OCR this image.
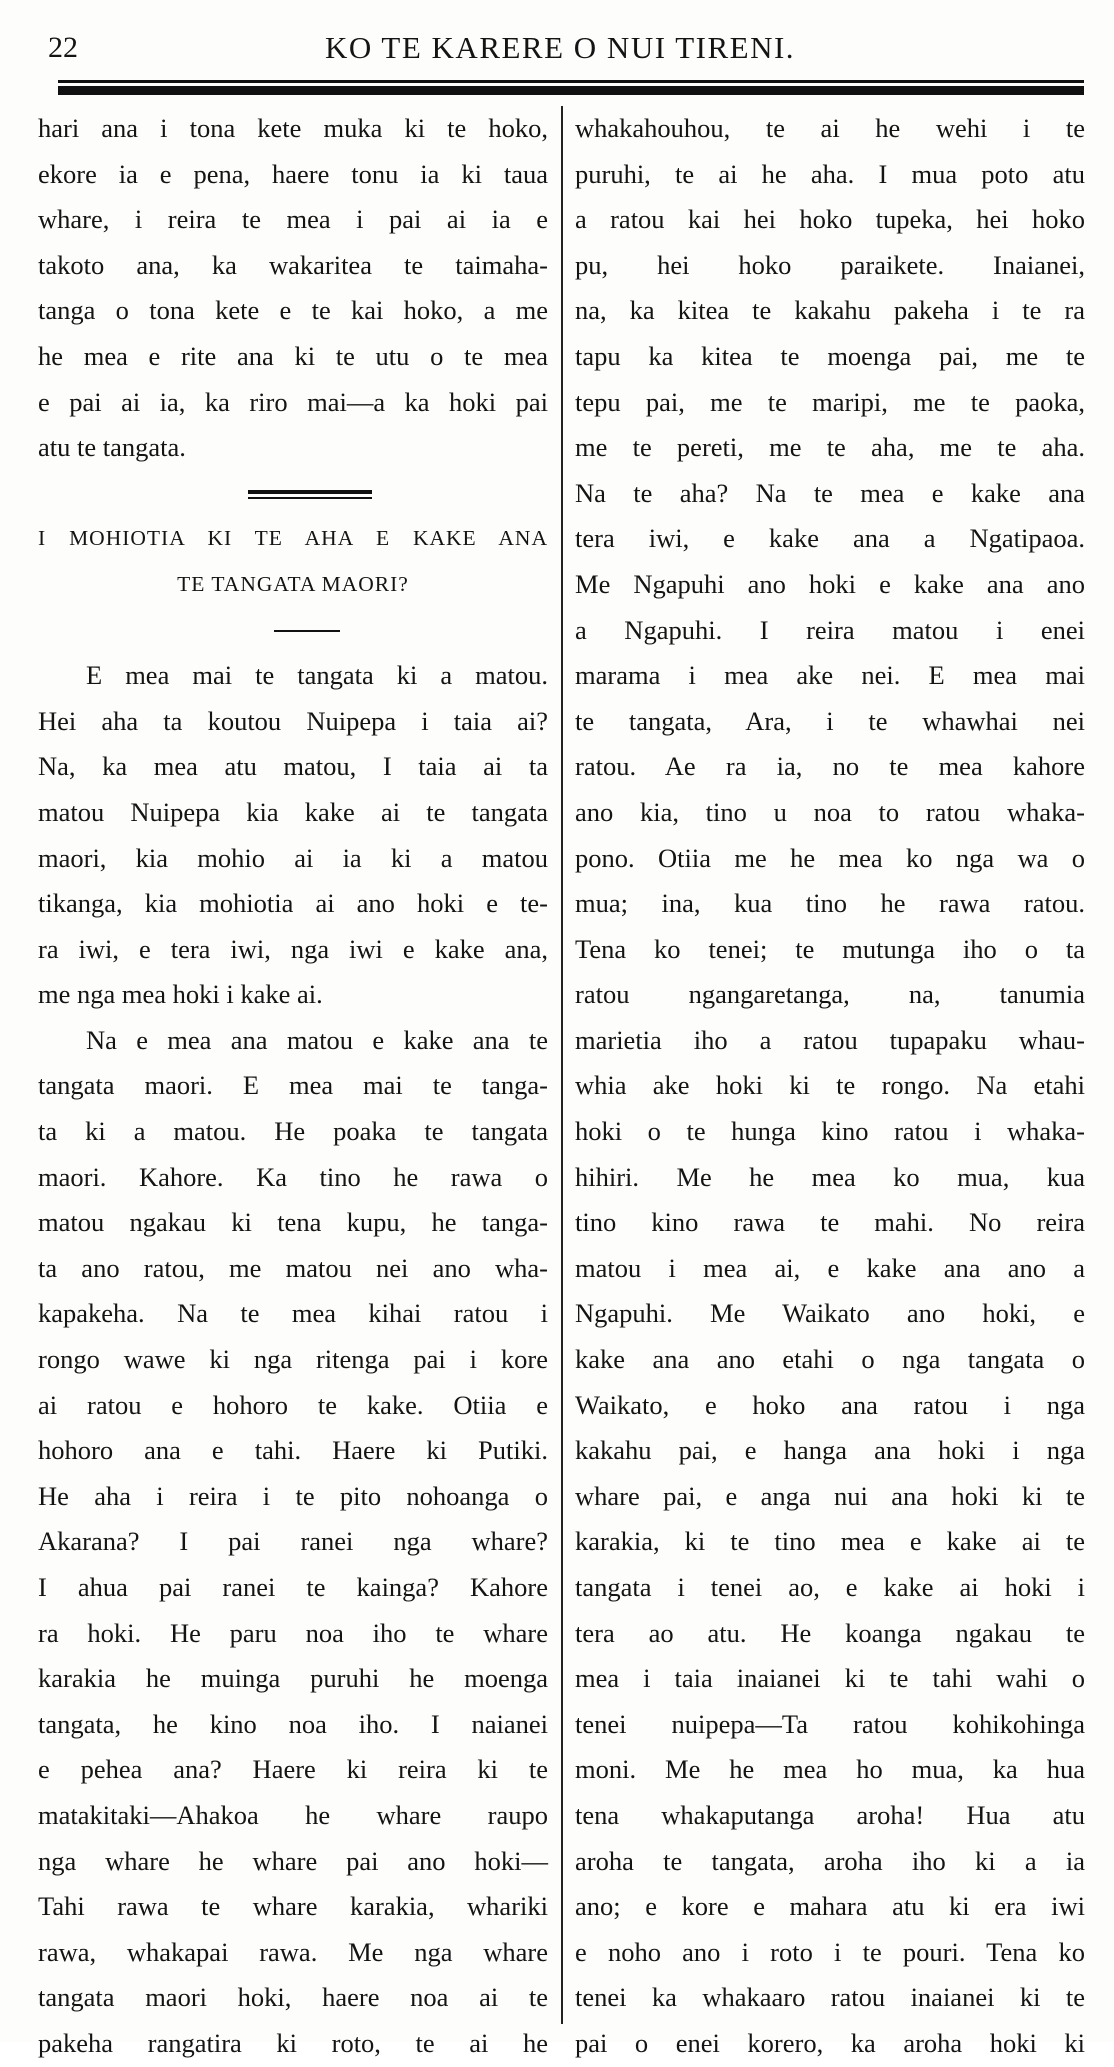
22	KO TE KARERE O NUI TIRENI.
hari ana i tona kete muka ki te hoko,
ekore ia e pena, haere tonu ia ki taua
whare, i reira te mea i pai ai ia e
takoto ana, ka wakaritea te taimaha-
tanga o tona kete e te kai hoko, a me
he mea e rite ana ki te utu o te mea
e pai ai ia, ka riro mai—a ka hoki pai
atu te tangata.
I MOHIOTIA KI TE AHA E KAKE ANA
TE TANGATA MAORI?
E mea mai te tangata ki a matou.
Hei aha ta koutou Nuipepa i taia ai?
Na, ka mea atu matou, I taia ai ta
matou Nuipepa kia kake ai te tangata
maori, kia mohio ai ia ki a matou
tikanga, kia mohiotia ai ano hoki e te-
ra iwi, e tera iwi, nga iwi e kake ana,
me nga mea hoki i kake ai.
Na e mea ana matou e kake ana te
tangata maori. E mea mai te tanga-
ta ki a matou. He poaka te tangata
maori. Kahore. Ka tino he rawa o
matou ngakau ki tena kupu, he tanga-
ta ano ratou, me matou nei ano wha-
kapakeha. Na te mea kihai ratou i
rongo wawe ki nga ritenga pai i kore
ai ratou e hohoro te kake. Otiia e
hohoro ana e tahi. Haere ki Putiki.
He aha i reira i te pito nohoanga o
Akarana? I pai ranei nga whare?
I ahua pai ranei te kainga? Kahore
ra hoki. He paru noa iho te whare
karakia he muinga puruhi he moenga
tangata, he kino noa iho. I naianei
e pehea ana? Haere ki reira ki te
matakitaki—Ahakoa he whare raupo
nga whare he whare pai ano hoki—
Tahi rawa te whare karakia, whariki
rawa, whakapai rawa. Me nga whare
tangata maori hoki, haere noa ai te
pakeha rangatira ki roto, te ai he
whakahouhou, te ai he wehi i te
puruhi, te ai he aha. I mua poto atu
a ratou kai hei hoko tupeka, hei hoko
pu, hei hoko paraikete. Inaianei,
na, ka kitea te kakahu pakeha i te ra
tapu ka kitea te moenga pai, me te
tepu pai, me te maripi, me te paoka,
me te pereti, me te aha, me te aha.
Na te aha? Na te mea e kake ana
tera iwi, e kake ana a Ngatipaoa.
Me Ngapuhi ano hoki e kake ana ano
a Ngapuhi. I reira matou i enei
marama i mea ake nei. E mea mai
te tangata, Ara, i te whawhai nei
ratou. Ae ra ia, no te mea kahore
ano kia, tino u noa to ratou whaka-
pono. Otiia me he mea ko nga wa o
mua; ina, kua tino he rawa ratou.
Tena ko tenei; te mutunga iho o ta
ratou ngangaretanga, na, tanumia
marietia iho a ratou tupapaku whau-
whia ake hoki ki te rongo. Na etahi
hoki o te hunga kino ratou i whaka-
hihiri. Me he mea ko mua, kua
tino kino rawa te mahi. No reira
matou i mea ai, e kake ana ano a
Ngapuhi. Me Waikato ano hoki, e
kake ana ano etahi o nga tangata o
Waikato, e hoko ana ratou i nga
kakahu pai, e hanga ana hoki i nga
whare pai, e anga nui ana hoki ki te
karakia, ki te tino mea e kake ai te
tangata i tenei ao, e kake ai hoki i
tera ao atu. He koanga ngakau te
mea i taia inaianei ki te tahi wahi o
tenei nuipepa—Ta ratou kohikohinga
moni. Me he mea ho mua, ka hua
tena whakaputanga aroha! Hua atu
aroha te tangata, aroha iho ki a ia
ano; e kore e mahara atu ki era iwi
e noho ano i roto i te pouri. Tena ko
tenei ka whakaaro ratou inaianei ki te
pai o enei korero, ka aroha hoki ki
